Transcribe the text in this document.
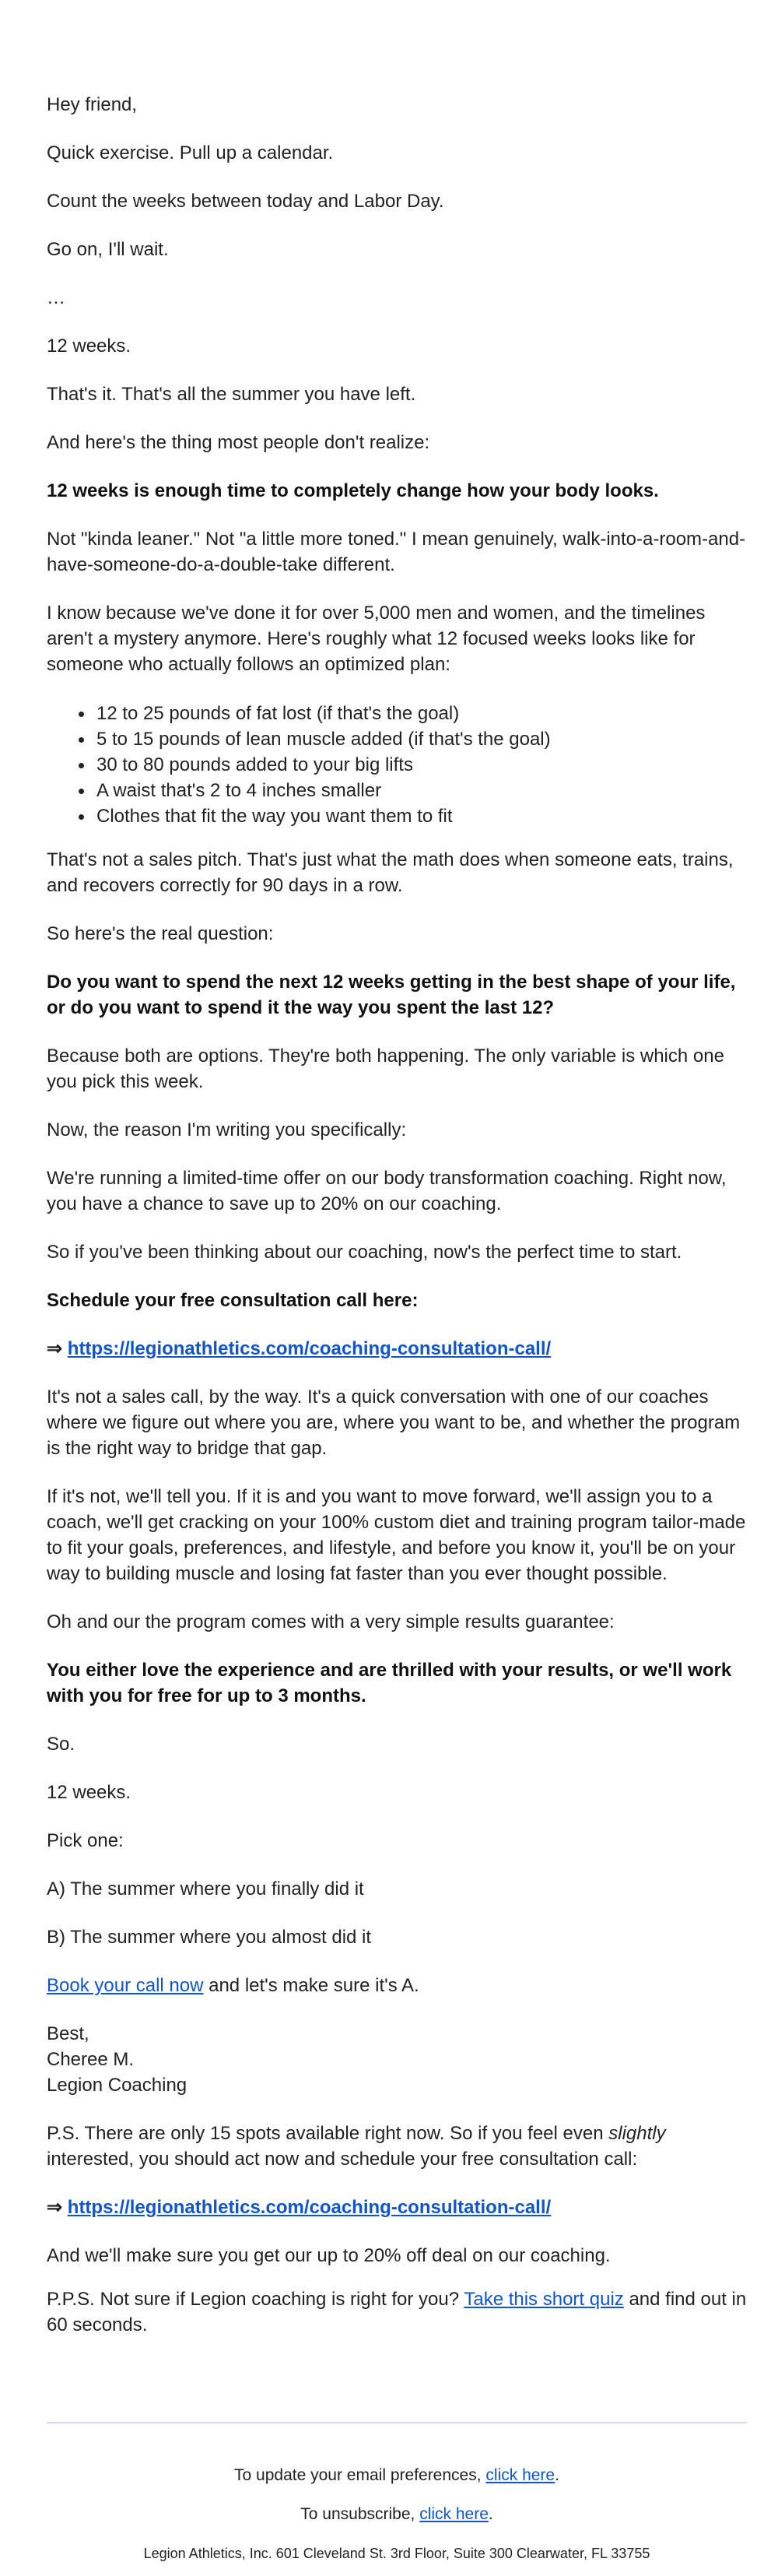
Hey friend,
Quick exercise. Pull up a calendar.
Count the weeks between today and Labor Day.
Go on, I'll wait.
…
12 weeks.
That's it. That's all the summer you have left.
And here's the thing most people don't realize:
12 weeks is enough time to completely change how your body looks.
Not "kinda leaner." Not "a little more toned." I mean genuinely, walk-into-a-room-and-have-someone-do-a-double-take different.
I know because we've done it for over 5,000 men and women, and the timelines aren't a mystery anymore. Here's roughly what 12 focused weeks looks like for someone who actually follows an optimized plan:
12 to 25 pounds of fat lost (if that's the goal)
5 to 15 pounds of lean muscle added (if that's the goal)
30 to 80 pounds added to your big lifts
A waist that's 2 to 4 inches smaller
Clothes that fit the way you want them to fit
That's not a sales pitch. That's just what the math does when someone eats, trains, and recovers correctly for 90 days in a row.
So here's the real question:
Do you want to spend the next 12 weeks getting in the best shape of your life, or do you want to spend it the way you spent the last 12?
Because both are options. They're both happening. The only variable is which one you pick this week.
Now, the reason I'm writing you specifically:
We're running a limited-time offer on our body transformation coaching. Right now, you have a chance to save up to 20% on our coaching.
So if you've been thinking about our coaching, now's the perfect time to start.
Schedule your free consultation call here:
⇒ https://legionathletics.com/coaching-consultation-call/
It's not a sales call, by the way. It's a quick conversation with one of our coaches where we figure out where you are, where you want to be, and whether the program is the right way to bridge that gap.
If it's not, we'll tell you. If it is and you want to move forward, we'll assign you to a coach, we'll get cracking on your 100% custom diet and training program tailor-made to fit your goals, preferences, and lifestyle, and before you know it, you'll be on your way to building muscle and losing fat faster than you ever thought possible.
Oh and our the program comes with a very simple results guarantee:
You either love the experience and are thrilled with your results, or we'll work with you for free for up to 3 months.
So.
12 weeks.
Pick one:
A) The summer where you finally did it
B) The summer where you almost did it
Book your call now and let's make sure it's A.
Best,
Cheree M.
Legion Coaching
P.S. There are only 15 spots available right now. So if you feel even slightly interested, you should act now and schedule your free consultation call:
⇒ https://legionathletics.com/coaching-consultation-call/
And we'll make sure you get our up to 20% off deal on our coaching.
P.P.S. Not sure if Legion coaching is right for you? Take this short quiz and find out in 60 seconds.
To update your email preferences, click here.
To unsubscribe, click here.
Legion Athletics, Inc. 601 Cleveland St. 3rd Floor, Suite 300 Clearwater, FL 33755
